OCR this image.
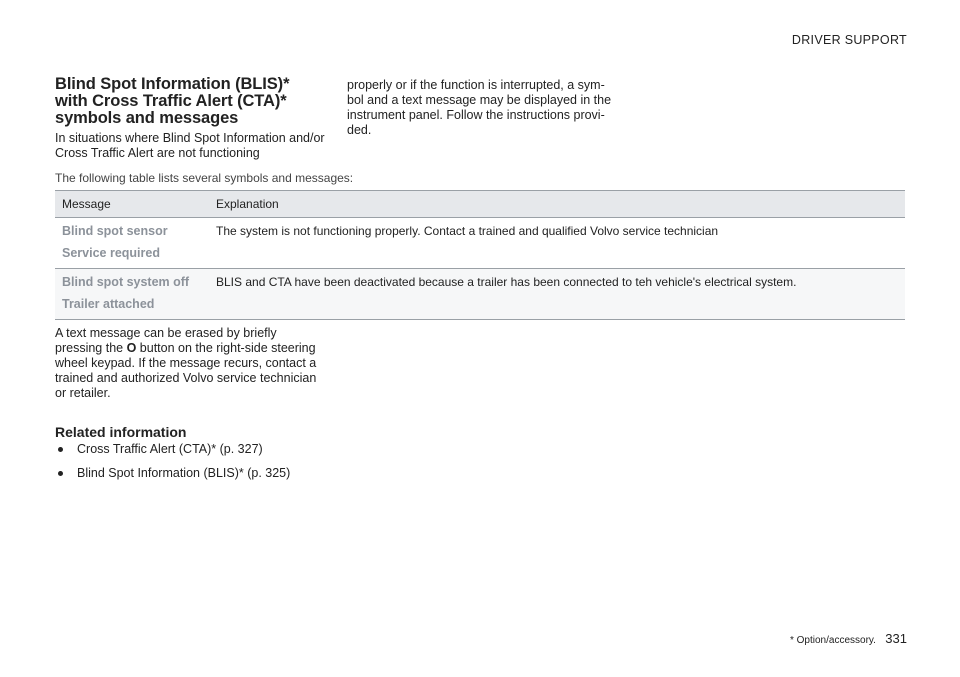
DRIVER SUPPORT
Blind Spot Information (BLIS)* with Cross Traffic Alert (CTA)* symbols and messages

In situations where Blind Spot Information and/or Cross Traffic Alert are not functioning

properly or if the function is interrupted, a sym-bol and a text message may be displayed in the instrument panel. Follow the instructions provi-ded.

The following table lists several symbols and messages:
Message	Explanation

Blind spot sensor
Service required	The system is not functioning properly. Contact a trained and qualified Volvo service technician

Blind spot system off
Trailer attached	BLIS and CTA have been deactivated because a trailer has been connected to teh vehicle's electrical system.

A text message can be erased by briefly pressing the O button on the right-side steering wheel keypad. If the message recurs, contact a trained and authorized Volvo service technician or retailer.

Related information
Cross Traffic Alert (CTA)* (p. 327)
Blind Spot Information (BLIS)* (p. 325)
* Option/accessory. 331
